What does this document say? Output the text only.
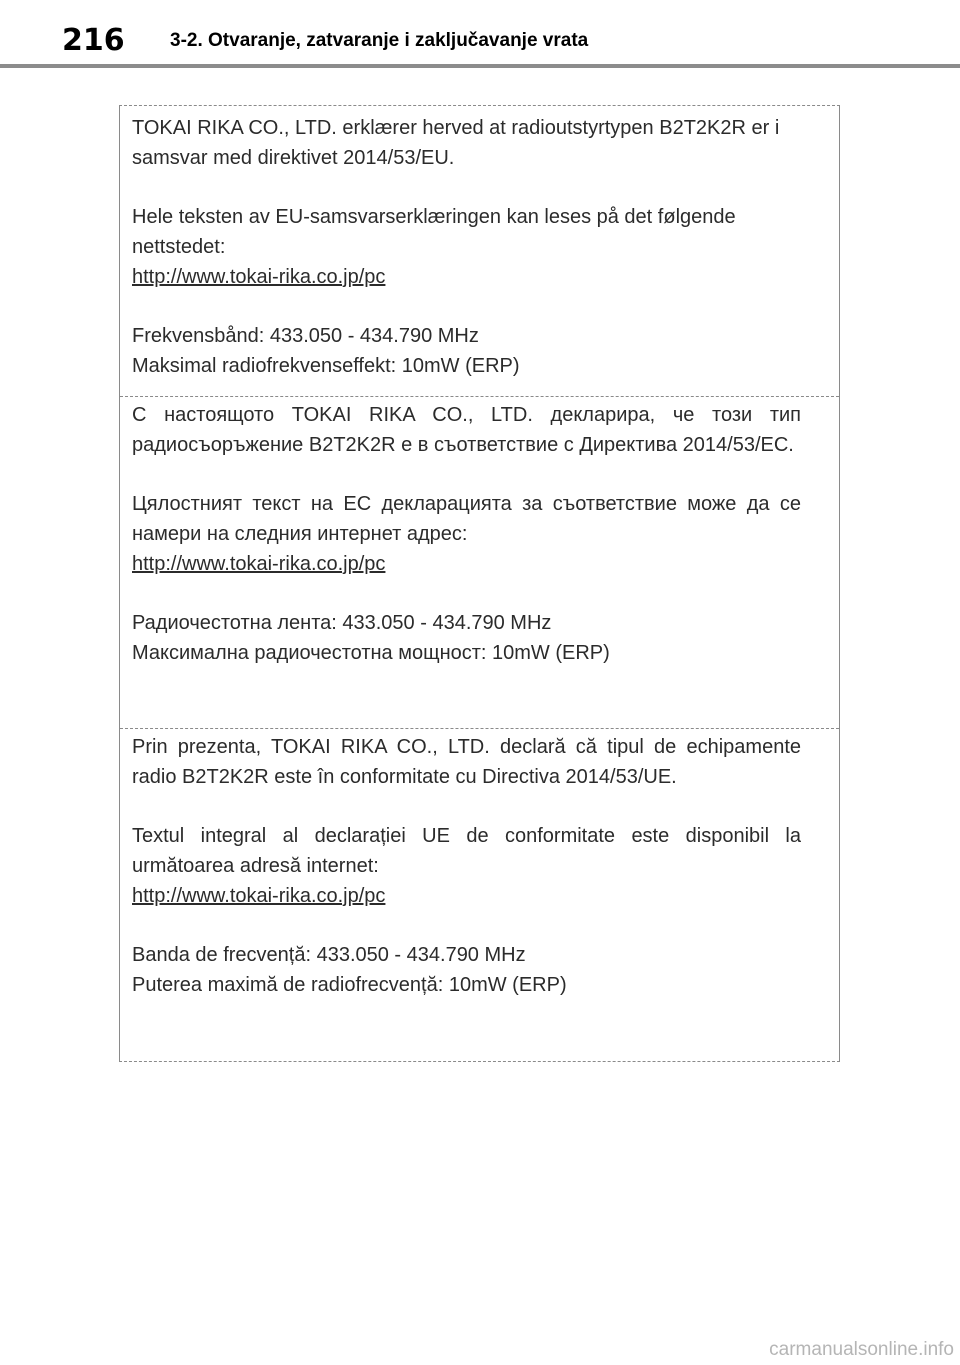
216 3-2. Otvaranje, zatvaranje i zaključavanje vrata

TOKAI RIKA CO., LTD. erklærer herved at radioutstyrtypen B2T2K2R er i samsvar med direktivet 2014/53/EU.

Hele teksten av EU-samsvarserklæringen kan leses på det følgende nettstedet:

http://www.tokai-rika.co.jp/pc

Frekvensbånd: 433.050 - 434.790 MHz

Maksimal radiofrekvenseffekt: 10mW (ERP)

С настоящото TOKAI RIKA CO., LTD. декларира, че този тип радиосъоръжение B2T2K2R е в съответствие с Директива 2014/53/ЕС.

Цялостният текст на ЕС декларацията за съответствие може да се намери на следния интернет адрес:

http://www.tokai-rika.co.jp/pc

Радиочестотна лента: 433.050 - 434.790 MHz

Максимална радиочестотна мощност: 10mW (ERP)

Prin prezenta, TOKAI RIKA CO., LTD. declară că tipul de echipamente radio B2T2K2R este în conformitate cu Directiva 2014/53/UE.

Textul integral al declarației UE de conformitate este disponibil la următoarea adresă internet:

http://www.tokai-rika.co.jp/pc

Banda de frecvență: 433.050 - 434.790 MHz

Puterea maximă de radiofrecvență: 10mW (ERP)

carmanualsonline.info
